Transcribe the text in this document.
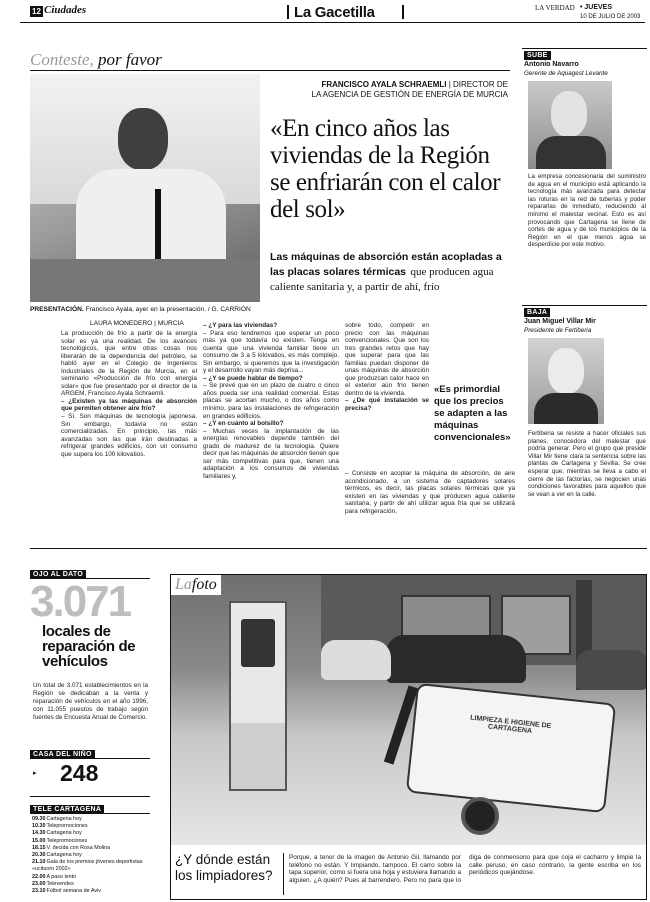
12 Ciudades	La Gacetilla	LA VERDAD • JUEVES
10 DE JULIO DE 2003
Conteste, por favor
PRESENTACIÓN. Francisco Ayala, ayer en la presentación. / G. CARRIÓN
FRANCISCO AYALA SCHRAEMLI | DIRECTOR DE
LA AGENCIA DE GESTIÓN DE ENERGÍA DE MURCIA
«En cinco años las viviendas de la Región se enfriarán con el calor del sol»
Las máquinas de absorción están acopladas a las placas solares térmicas que producen agua caliente sanitaria y, a partir de ahí, frío
LAURA MONEDERO | MURCIA

La producción de frío a partir de la energía solar es ya una realidad. De los avances tecnológicos, que entre otras cosas nos liberarán de la dependencia del petróleo, se habló ayer en el Colegio de Ingenieros Industriales de la Región de Murcia, en el seminario «Producción de frío con energía solar» que fue presentado por el director de la ARGEM, Francisco Ayala Schraemli.

– ¿Existen ya las máquinas de absorción que permiten obtener aire frío?

– Sí. Son máquinas de tecnología japonesa. Sin embargo, todavía no están comercializadas. En principio, las más avanzadas son las que irán destinadas a refrigerar grandes edificios, con un consumo que supera los 100 kilovatios.

– ¿Y para las viviendas?

– Para eso tendremos que esperar un poco más ya que todavía no existen. Tenga en cuenta que una vivienda familiar tiene un consumo de 3 a 5 kilovatios, es más complejo. Sin embargo, si queremos que la investigación y el desarrollo vayan más deprisa...

– ¿Y se puede hablar de tiempo?

– Se prevé que en un plazo de cuatro o cinco años pueda ser una realidad comercial. Estas placas se acortan mucho, o dos años como mínimo, para las instalaciones de refrigeración en grandes edificios.

– ¿Y en cuánto al bolsillo?

– Muchas veces la implantación de las energías renovables depende también del grado de madurez de la tecnología. Quiere decir que las máquinas de absorción tienen que ser más competitivas para que, tienen una adaptación a los consumos de viviendas familiares y,

sobre todo, competir en precio con las máquinas convencionales. Que son los tres grandes retos que hay que superar para que las familias puedan disponer de unas máquinas de absorción que produzcan calor hace en el exterior aún frío tienen dentro de la vivienda.

– ¿De qué instalación se precisa?

– Consiste en acoplar la máquina de absorción, de aire acondicionado, a un sistema de captadores solares térmicos, es decir, las placas solares térmicas que ya existen en las viviendas y que producen agua caliente sanitaria, y partir de ahí utilizar agua fría que se utilizará para refrigeración.

«Es primordial que los precios se adapten a las máquinas convencionales»
SUBE
Antonio Navarro
Gerente de Aquagest Levante
La empresa concesionaria del suministro de agua en el municipio está aplicando la tecnología más avanzada para detectar las roturas en la red de tuberías y poder repararlas de inmediato, reduciendo al mínimo el malestar vecinal. Esto es así provocando que Cartagena se llene de cortes de agua y de los municipios de la Región en el que menos agua se desperdicie por este motivo.
BAJA
Juan Miguel Villar Mir
Presidente de Fertiberia
Fertiberia se resiste a hacer oficiales sus planes, conocedora del malestar que podría generar. Pero el grupo que preside Villar Mir tiene clara la sentencia sobre las plantas de Cartagena y Sevilla. Se cree esperar que, mientras se lleva a cabo el cierre de las factorías, se negocien unas condiciones favorables para aquellos que se vean a ver en la calle.
OJO AL DATO
3.071
locales de reparación de vehículos
Un total de 3.071 establecimientos en la Región se dedicaban a la venta y reparación de vehículos en el año 1996, con 11.055 puestos de trabajo según fuentes de Encuesta Anual de Comercio.
CASA DEL NIÑO
▸ 248
TELE CARTAGENA
09.30Cartagena hoy
10.30Teleprornociones
14.30Cartagena hoy
15.00Telepromociones
18.15V. decida con Rosa Molina
20.30Cartagena hoy
21.10Gala de los premios jóvenes deportistas «ucituoro 2002»
22.00A paso lento
23.00Televendes
23.10Fútbol semana de Aviv
LIMPIEZA E HIGIENE DE CARTAGENA
Lafoto
¿Y dónde están los limpiadores?
Porque, a tenor de la imagen de Antonio Gil, llamando por teléfono no están. Y limpiando, tampoco. El carro sobre la tapa superior, como si fuera una hoja y estuviera llamando a alguien. ¿A quién? Pues al barrendero. Pero no para que lo diga de conmensono para que coja el cacharro y limpie la calle peruso, en caso contrario, la gente escriba en los periódicos quejándose.
